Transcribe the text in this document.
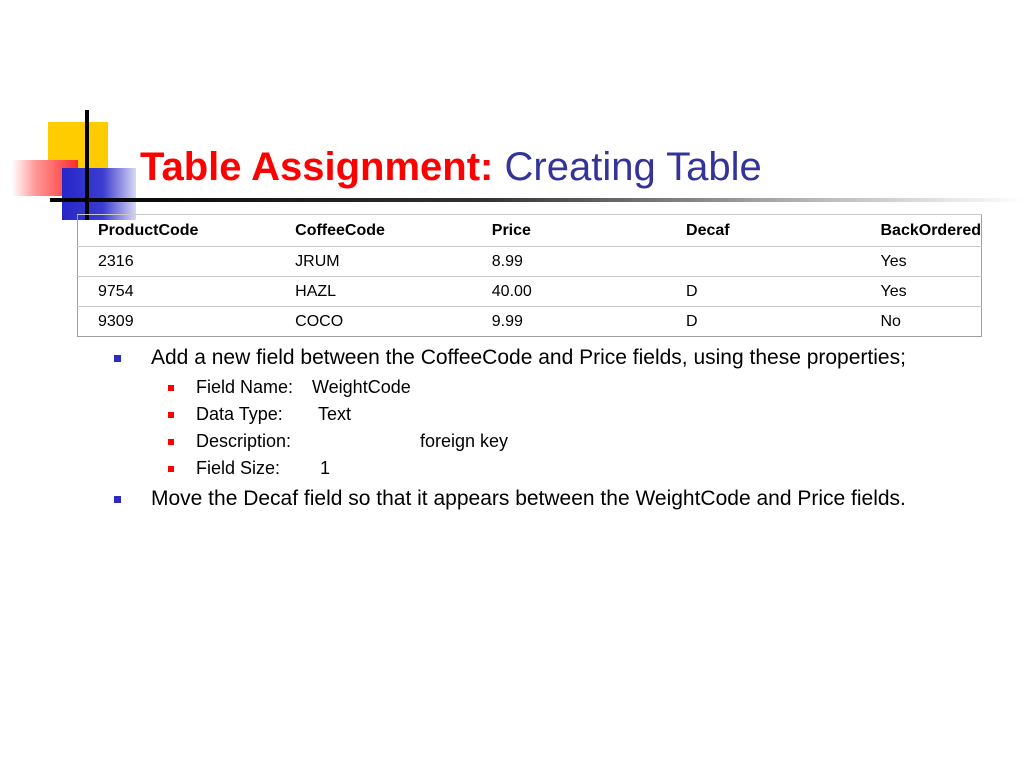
Table Assignment: Creating Table
ProductCode	CoffeeCode	Price	Decaf	BackOrdered
2316	JRUM	8.99		Yes
9754	HAZL	40.00	D	Yes
9309	COCO	9.99	D	No
Add a new field between the CoffeeCode and Price fields, using these properties;
Field Name: WeightCode
Data Type: Text
Description:	foreign key
Field Size: 1
Move the Decaf field so that it appears between the WeightCode and Price fields.
